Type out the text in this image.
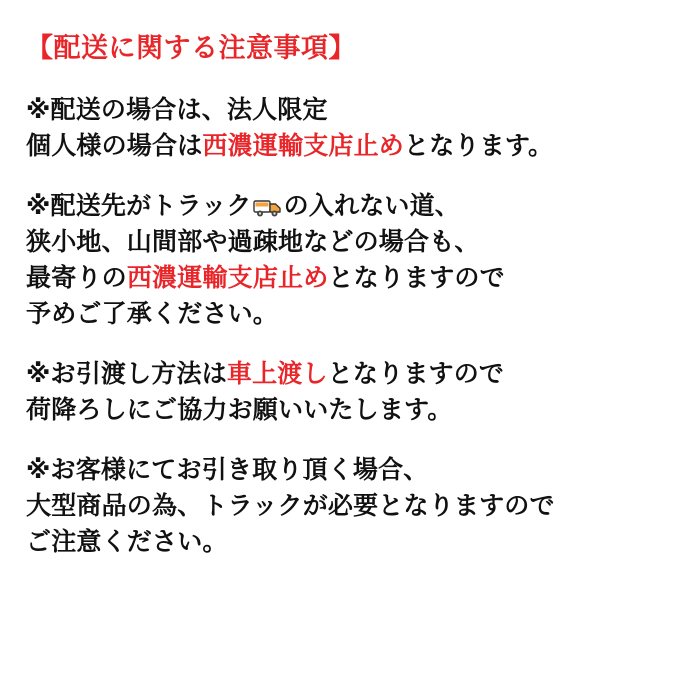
【配送に関する注意事項】
※配送の場合は、法人限定
個人様の場合は西濃運輸支店止めとなります。
※配送先がトラック の入れない道、
狭小地、山間部や過疎地などの場合も、
最寄りの西濃運輸支店止めとなりますので
予めご了承ください。
※お引渡し方法は車上渡しとなりますので
荷降ろしにご協力お願いいたします。
※お客様にてお引き取り頂く場合、
大型商品の為、トラックが必要となりますので
ご注意ください。
